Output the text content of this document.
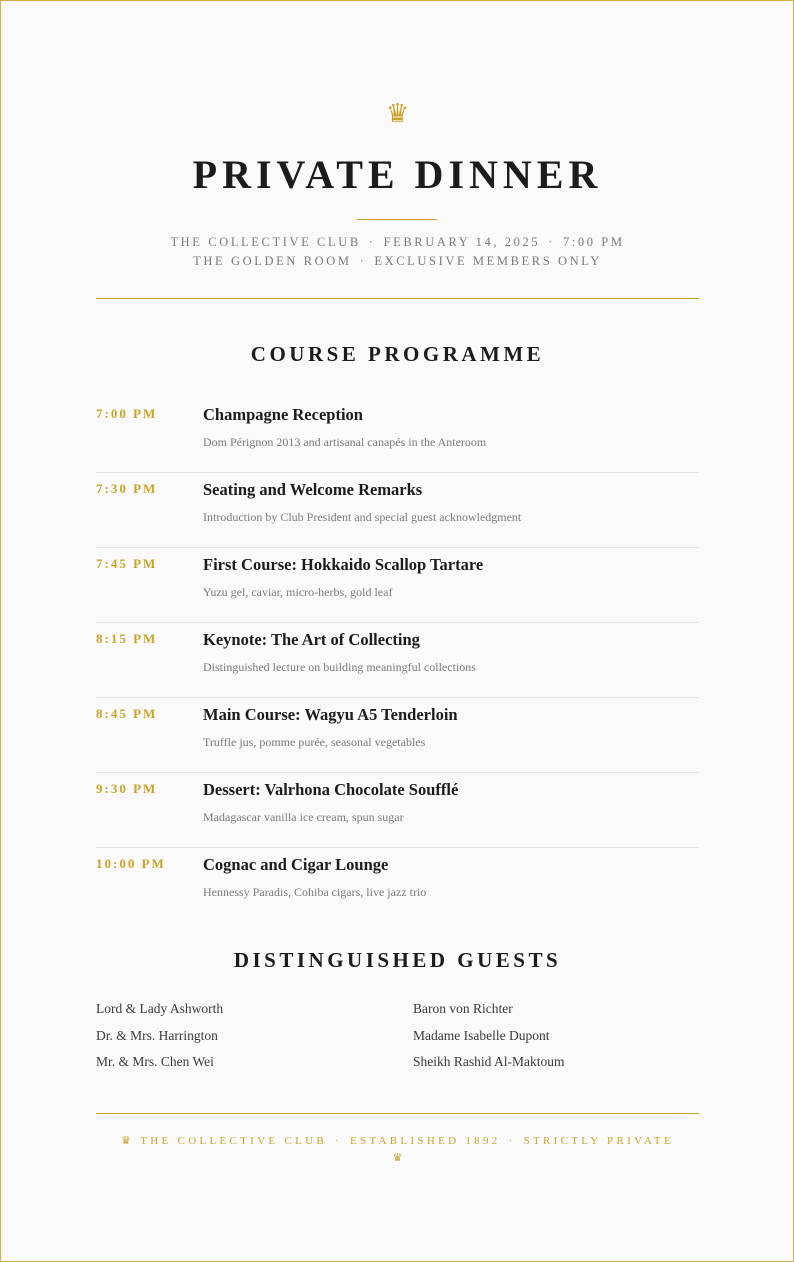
♛
PRIVATE DINNER
THE COLLECTIVE CLUB · FEBRUARY 14, 2025 · 7:00 PM
THE GOLDEN ROOM · EXCLUSIVE MEMBERS ONLY
COURSE PROGRAMME
7:00 PM	Champagne Reception
Dom Pérignon 2013 and artisanal canapés in the Anteroom
7:30 PM	Seating and Welcome Remarks
Introduction by Club President and special guest acknowledgment
7:45 PM	First Course: Hokkaido Scallop Tartare
Yuzu gel, caviar, micro-herbs, gold leaf
8:15 PM	Keynote: The Art of Collecting
Distinguished lecture on building meaningful collections
8:45 PM	Main Course: Wagyu A5 Tenderloin
Truffle jus, pomme purée, seasonal vegetables
9:30 PM	Dessert: Valrhona Chocolate Soufflé
Madagascar vanilla ice cream, spun sugar
10:00 PM Cognac and Cigar Lounge
Hennessy Paradis, Cohiba cigars, live jazz trio
DISTINGUISHED GUESTS
Lord & Lady Ashworth
Dr. & Mrs. Harrington
Mr. & Mrs. Chen Wei
Baron von Richter
Madame Isabelle Dupont
Sheikh Rashid Al-Maktoum
♛ THE COLLECTIVE CLUB · ESTABLISHED 1892 · STRICTLY PRIVATE
♛
